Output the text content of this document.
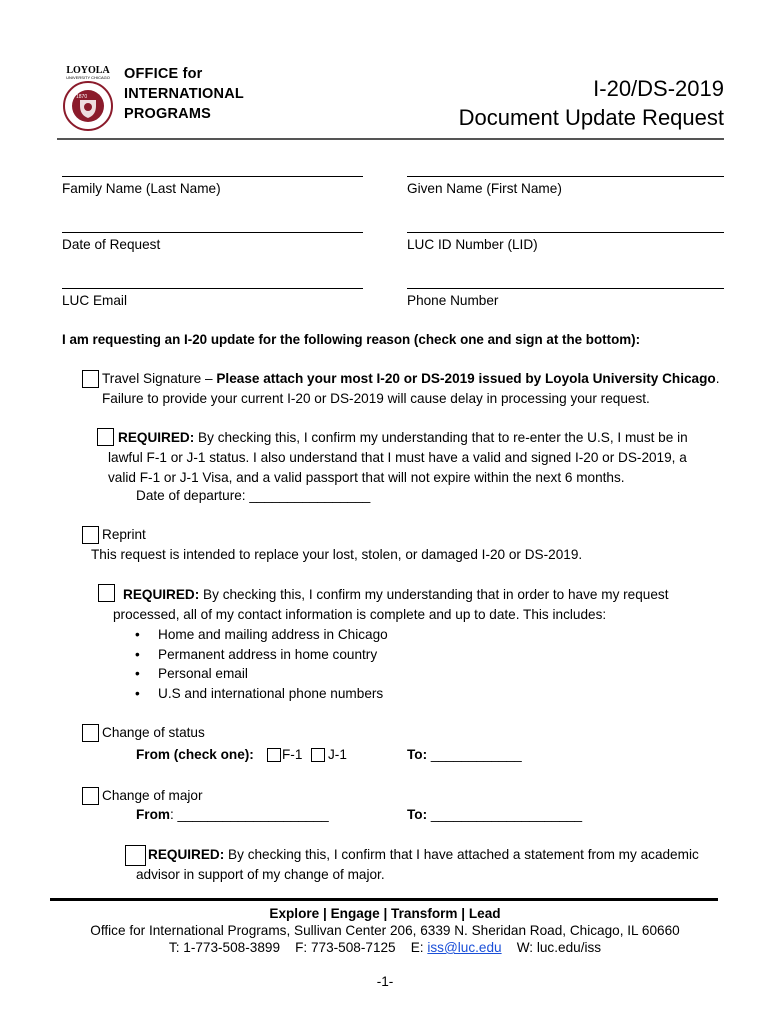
LOYOLA
UNIVERSITY CHICAGO
1870
OFFICE for
INTERNATIONAL
PROGRAMS
I-20/DS-2019
Document Update Request
Family Name (Last Name)	Given Name (First Name)
Date of Request	LUC ID Number (LID)
LUC Email	Phone Number
I am requesting an I-20 update for the following reason (check one and sign at the bottom):
Travel Signature – Please attach your most I-20 or DS-2019 issued by Loyola University Chicago. Failure to provide your current I-20 or DS-2019 will cause delay in processing your request.
REQUIRED: By checking this, I confirm my understanding that to re-enter the U.S, I must be in lawful F-1 or J-1 status. I also understand that I must have a valid and signed I-20 or DS-2019, a valid F-1 or J-1 Visa, and a valid passport that will not expire within the next 6 months.
Date of departure: ________________
Reprint
This request is intended to replace your lost, stolen, or damaged I-20 or DS-2019.
REQUIRED: By checking this, I confirm my understanding that in order to have my request processed, all of my contact information is complete and up to date. This includes:
• Home and mailing address in Chicago
• Permanent address in home country
• Personal email
• U.S and international phone numbers
Change of status
From (check one): F-1 J-1	To: ____________
Change of major
From: ____________________	To: ____________________
REQUIRED: By checking this, I confirm that I have attached a statement from my academic advisor in support of my change of major.
Explore | Engage | Transform | Lead
Office for International Programs, Sullivan Center 206, 6339 N. Sheridan Road, Chicago, IL 60660
T: 1-773-508-3899 F: 773-508-7125 E: iss@luc.edu W: luc.edu/iss
-1-
